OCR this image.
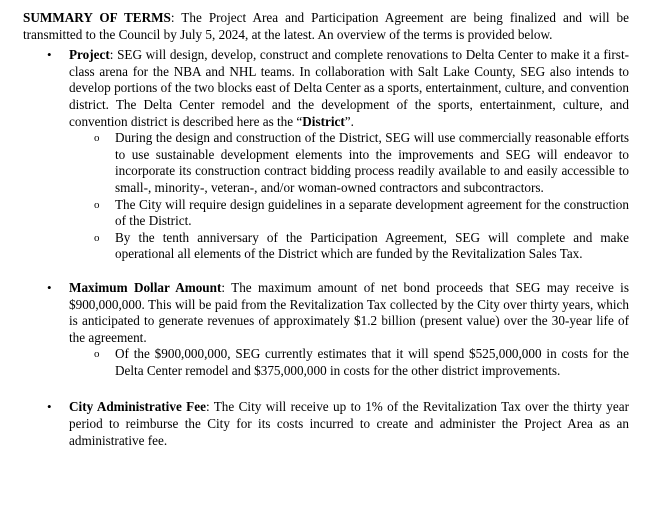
SUMMARY OF TERMS: The Project Area and Participation Agreement are being finalized and will be transmitted to the Council by July 5, 2024, at the latest. An overview of the terms is provided below.

• Project: SEG will design, develop, construct and complete renovations to Delta Center to make it a first-class arena for the NBA and NHL teams. In collaboration with Salt Lake County, SEG also intends to develop portions of the two blocks east of Delta Center as a sports, entertainment, culture, and convention district. The Delta Center remodel and the development of the sports, entertainment, culture, and convention district is described here as the “District”.
o During the design and construction of the District, SEG will use commercially reasonable efforts to use sustainable development elements into the improvements and SEG will endeavor to incorporate its construction contract bidding process readily available to and easily accessible to small-, minority-, veteran-, and/or woman-owned contractors and subcontractors.
o The City will require design guidelines in a separate development agreement for the construction of the District.
o By the tenth anniversary of the Participation Agreement, SEG will complete and make operational all elements of the District which are funded by the Revitalization Sales Tax.
• Maximum Dollar Amount: The maximum amount of net bond proceeds that SEG may receive is $900,000,000. This will be paid from the Revitalization Tax collected by the City over thirty years, which is anticipated to generate revenues of approximately $1.2 billion (present value) over the 30-year life of the agreement.
o Of the $900,000,000, SEG currently estimates that it will spend $525,000,000 in costs for the Delta Center remodel and $375,000,000 in costs for the other district improvements.
• City Administrative Fee: The City will receive up to 1% of the Revitalization Tax over the thirty year period to reimburse the City for its costs incurred to create and administer the Project Area as an administrative fee.
